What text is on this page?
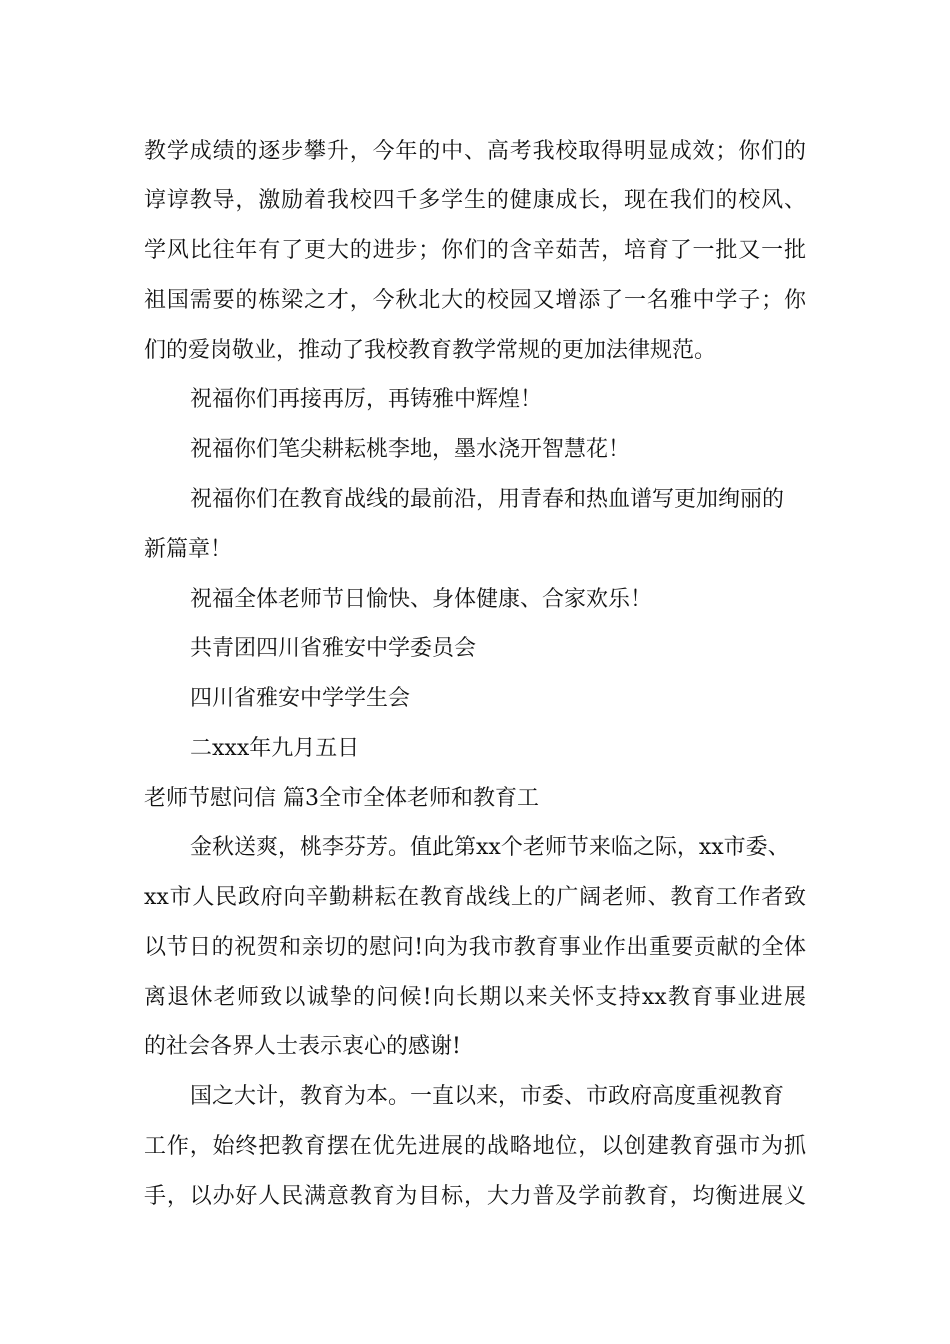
教学成绩的逐步攀升，今年的中、高考我校取得明显成效；你们的
谆谆教导，激励着我校四千多学生的健康成长，现在我们的校风、
学风比往年有了更大的进步；你们的含辛茹苦，培育了一批又一批
祖国需要的栋梁之才，今秋北大的校园又增添了一名雅中学子；你
们的爱岗敬业，推动了我校教育教学常规的更加法律规范。
祝福你们再接再厉，再铸雅中辉煌！
祝福你们笔尖耕耘桃李地，墨水浇开智慧花！
祝福你们在教育战线的最前沿，用青春和热血谱写更加绚丽的
新篇章！
祝福全体老师节日愉快、身体健康、合家欢乐！
共青团四川省雅安中学委员会
四川省雅安中学学生会
二xxx年九月五日
老师节慰问信 篇3全市全体老师和教育工
金秋送爽，桃李芬芳。值此第xx个老师节来临之际，xx市委、
xx市人民政府向辛勤耕耘在教育战线上的广阔老师、教育工作者致
以节日的祝贺和亲切的慰问!向为我市教育事业作出重要贡献的全体
离退休老师致以诚挚的问候!向长期以来关怀支持xx教育事业进展
的社会各界人士表示衷心的感谢!
国之大计，教育为本。一直以来，市委、市政府高度重视教育
工作，始终把教育摆在优先进展的战略地位，以创建教育强市为抓
手，以办好人民满意教育为目标，大力普及学前教育，均衡进展义
